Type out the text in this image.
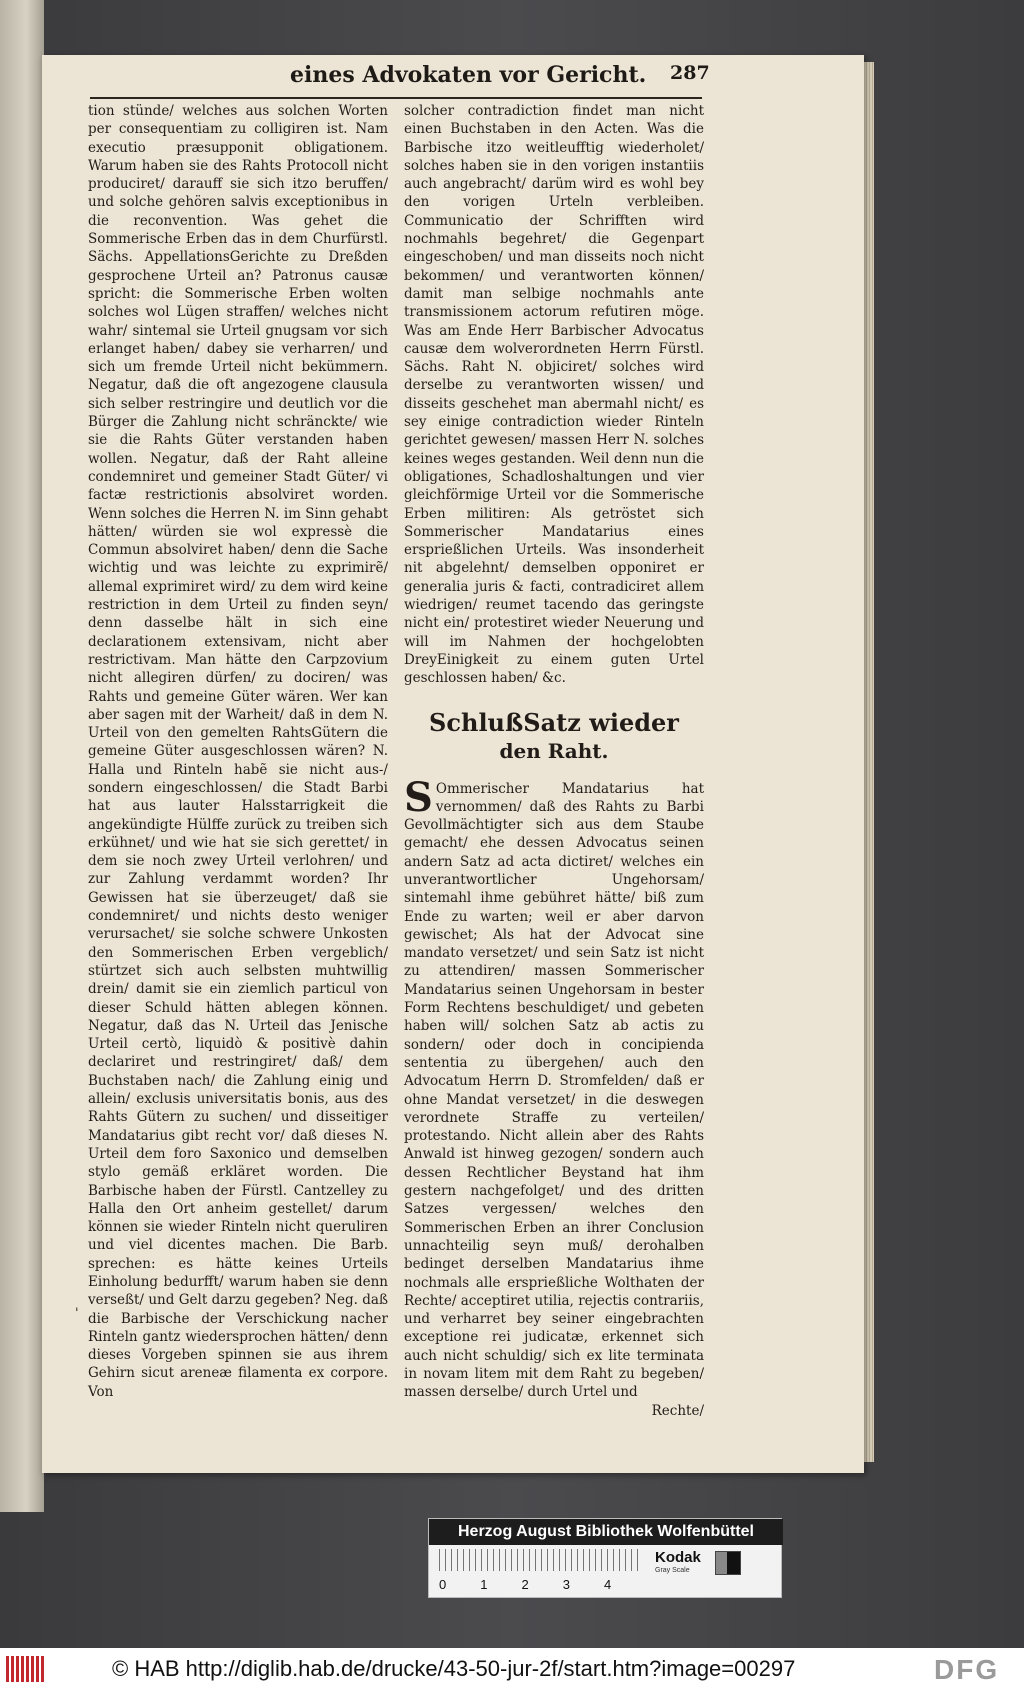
eines Advokaten vor Gericht. 287

tion stünde/ welches aus solchen Worten per consequentiam zu colligiren ist. Nam executio præsupponit obligationem. Warum haben sie des Rahts Protocoll nicht produciret/ darauff sie sich itzo beruffen/ und solche gehören salvis exceptionibus in die reconvention. Was gehet die Sommerische Erben das in dem Churfürstl. Sächs. AppellationsGerichte zu Dreßden gesprochene Urteil an? Patronus causæ spricht: die Sommerische Erben wolten solches wol Lügen straffen/ welches nicht wahr/ sintemal sie Urteil gnugsam vor sich erlanget haben/ dabey sie verharren/ und sich um fremde Urteil nicht bekümmern. Negatur, daß die oft angezogene clausula sich selber restringire und deutlich vor die Bürger die Zahlung nicht schränckte/ wie sie die Rahts Güter verstanden haben wollen. Negatur, daß der Raht alleine condemniret und gemeiner Stadt Güter/ vi factæ restrictionis absolviret worden. Wenn solches die Herren N. im Sinn gehabt hätten/ würden sie wol expressè die Commun absolviret haben/ denn die Sache wichtig und was leichte zu exprimirẽ/ allemal exprimiret wird/ zu dem wird keine restriction in dem Urteil zu finden seyn/ denn dasselbe hält in sich eine declarationem extensivam, nicht aber restrictivam. Man hätte den Carpzovium nicht allegiren dürfen/ zu dociren/ was Rahts und gemeine Güter wären. Wer kan aber sagen mit der Warheit/ daß in dem N. Urteil von den gemelten RahtsGütern die gemeine Güter ausgeschlossen wären? N. Halla und Rinteln habẽ sie nicht aus-/ sondern eingeschlossen/ die Stadt Barbi hat aus lauter Halsstarrigkeit die angekündigte Hülffe zurück zu treiben sich erkühnet/ und wie hat sie sich gerettet/ in dem sie noch zwey Urteil verlohren/ und zur Zahlung verdammt worden? Ihr Gewissen hat sie überzeuget/ daß sie condemniret/ und nichts desto weniger verursachet/ sie solche schwere Unkosten den Sommerischen Erben vergeblich/ stürtzet sich auch selbsten muhtwillig drein/ damit sie ein ziemlich particul von dieser Schuld hätten ablegen können. Negatur, daß das N. Urteil das Jenische Urteil certò, liquidò & positivè dahin declariret und restringiret/ daß/ dem Buchstaben nach/ die Zahlung einig und allein/ exclusis universitatis bonis, aus des Rahts Gütern zu suchen/ und disseitiger Mandatarius gibt recht vor/ daß dieses N. Urteil dem foro Saxonico und demselben stylo gemäß erkläret worden. Die Barbische haben der Fürstl. Cantzelley zu Halla den Ort anheim gestellet/ darum können sie wieder Rinteln nicht queruliren und viel dicentes machen. Die Barb. sprechen: es hätte keines Urteils Einholung bedurfft/ warum haben sie denn verseßt/ und Gelt darzu gegeben? Neg. daß die Barbische der Verschickung nacher Rinteln gantz wiedersprochen hätten/ denn dieses Vorgeben spinnen sie aus ihrem Gehirn sicut areneæ filamenta ex corpore. Von

solcher contradiction findet man nicht einen Buchstaben in den Acten. Was die Barbische itzo weitleufftig wiederholet/ solches haben sie in den vorigen instantiis auch angebracht/ darüm wird es wohl bey den vorigen Urteln verbleiben. Communicatio der Schrifften wird nochmahls begehret/ die Gegenpart eingeschoben/ und man disseits noch nicht bekommen/ und verantworten können/ damit man selbige nochmahls ante transmissionem actorum refutiren möge. Was am Ende Herr Barbischer Advocatus causæ dem wolverordneten Herrn Fürstl. Sächs. Raht N. objiciret/ solches wird derselbe zu verantworten wissen/ und disseits geschehet man abermahl nicht/ es sey einige contradiction wieder Rinteln gerichtet gewesen/ massen Herr N. solches keines weges gestanden. Weil denn nun die obligationes, Schadloshaltungen und vier gleichförmige Urteil vor die Sommerische Erben militiren: Als getröstet sich Sommerischer Mandatarius eines ersprießlichen Urteils. Was insonderheit nit abgelehnt/ demselben opponiret er generalia juris & facti, contradiciret allem wiedrigen/ reumet tacendo das geringste nicht ein/ protestiret wieder Neuerung und will im Nahmen der hochgelobten DreyEinigkeit zu einem guten Urtel geschlossen haben/ &c.

SchlußSatz wieder
den Raht.

S Ommerischer Mandatarius hat vernommen/ daß des Rahts zu Barbi Gevollmächtigter sich aus dem Staube gemacht/ ehe dessen Advocatus seinen andern Satz ad acta dictiret/ welches ein unverantwortlicher Ungehorsam/ sintemahl ihme gebühret hätte/ biß zum Ende zu warten; weil er aber darvon gewischet; Als hat der Advocat sine mandato versetzet/ und sein Satz ist nicht zu attendiren/ massen Sommerischer Mandatarius seinen Ungehorsam in bester Form Rechtens beschuldiget/ und gebeten haben will/ solchen Satz ab actis zu sondern/ oder doch in concipienda sententia zu übergehen/ auch den Advocatum Herrn D. Stromfelden/ daß er ohne Mandat versetzet/ in die deswegen verordnete Straffe zu verteilen/ protestando. Nicht allein aber des Rahts Anwald ist hinweg gezogen/ sondern auch dessen Rechtlicher Beystand hat ihm gestern nachgefolget/ und des dritten Satzes vergessen/ welches den Sommerischen Erben an ihrer Conclusion unnachteilig seyn muß/ derohalben bedinget derselben Mandatarius ihme nochmals alle ersprießliche Wolthaten der Rechte/ acceptiret utilia, rejectis contrariis, und verharret bey seiner eingebrachten exceptione rei judicatæ, erkennet sich auch nicht schuldig/ sich ex lite terminata in novam litem mit dem Raht zu begeben/ massen derselbe/ durch Urtel und

Rechte/

'
Herzog August Bibliothek Wolfenbüttel
Kodak
Gray Scale
0	1	2	3	4
© HAB http://diglib.hab.de/drucke/43-50-jur-2f/start.htm?image=00297	DFG
